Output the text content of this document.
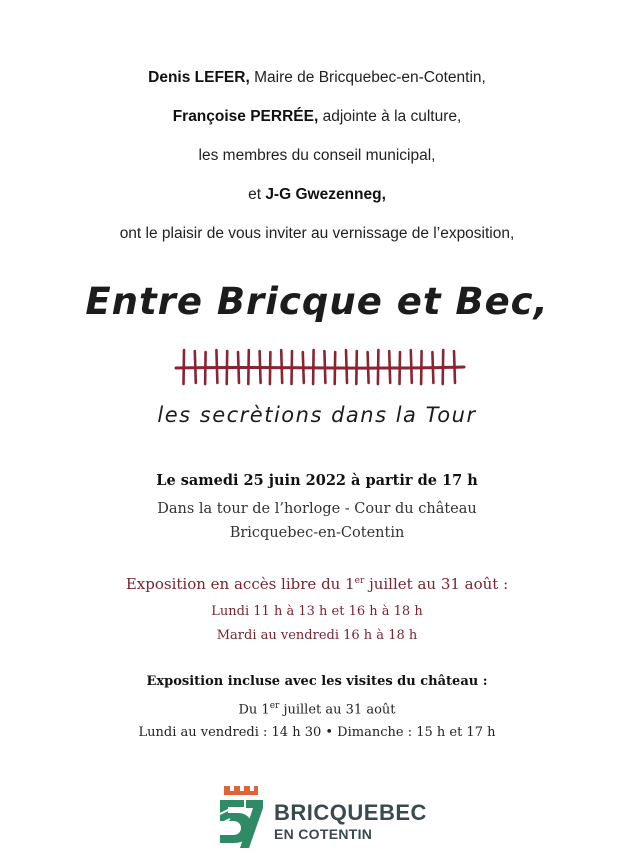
Denis LEFER, Maire de Bricquebec-en-Cotentin,
Françoise PERRÉE, adjointe à la culture,
les membres du conseil municipal,
et J-G Gwezenneg,
ont le plaisir de vous inviter au vernissage de l’exposition,
Entre Bricque et Bec,
les secrètions dans la Tour
Le samedi 25 juin 2022 à partir de 17 h
Dans la tour de l’horloge - Cour du château
Bricquebec-en-Cotentin
Exposition en accès libre du 1er juillet au 31 août :
Lundi 11 h à 13 h et 16 h à 18 h
Mardi au vendredi 16 h à 18 h
Exposition incluse avec les visites du château :
Du 1er juillet au 31 août
Lundi au vendredi : 14 h 30 • Dimanche : 15 h et 17 h
BRICQUEBEC
EN COTENTIN
